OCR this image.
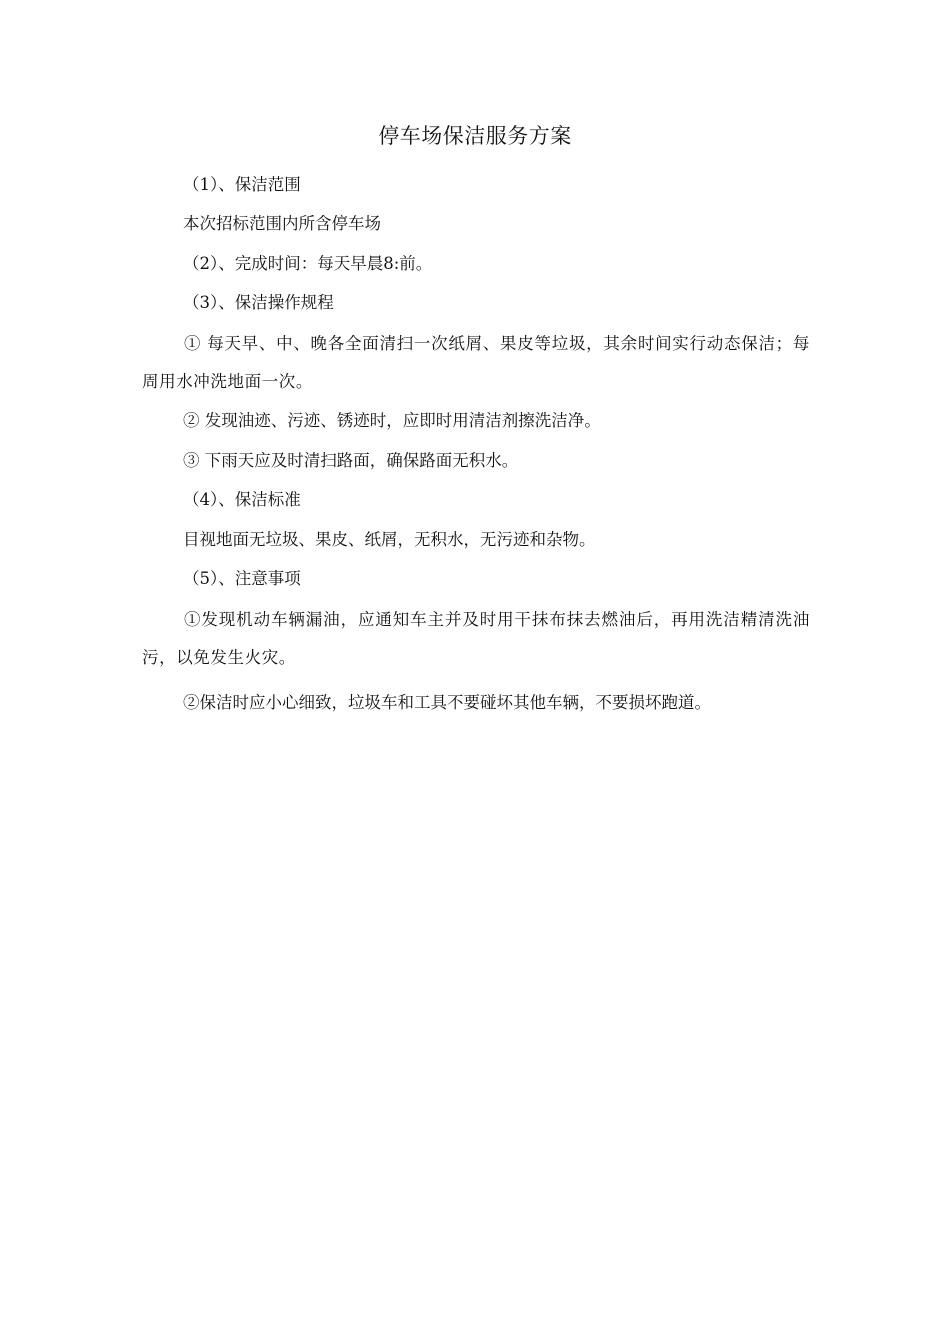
停车场保洁服务方案
（1）、保洁范围
本次招标范围内所含停车场
（2）、完成时间：每天早晨8:前。
（3）、保洁操作规程
① 每天早、中、晚各全面清扫一次纸屑、果皮等垃圾，其余时间实行动态保洁；每周用水冲洗地面一次。
② 发现油迹、污迹、锈迹时，应即时用清洁剂擦洗洁净。
③ 下雨天应及时清扫路面，确保路面无积水。
（4）、保洁标准
目视地面无垃圾、果皮、纸屑，无积水，无污迹和杂物。
（5）、注意事项
①发现机动车辆漏油，应通知车主并及时用干抹布抹去燃油后，再用洗洁精清洗油污，以免发生火灾。
②保洁时应小心细致，垃圾车和工具不要碰坏其他车辆，不要损坏跑道。
